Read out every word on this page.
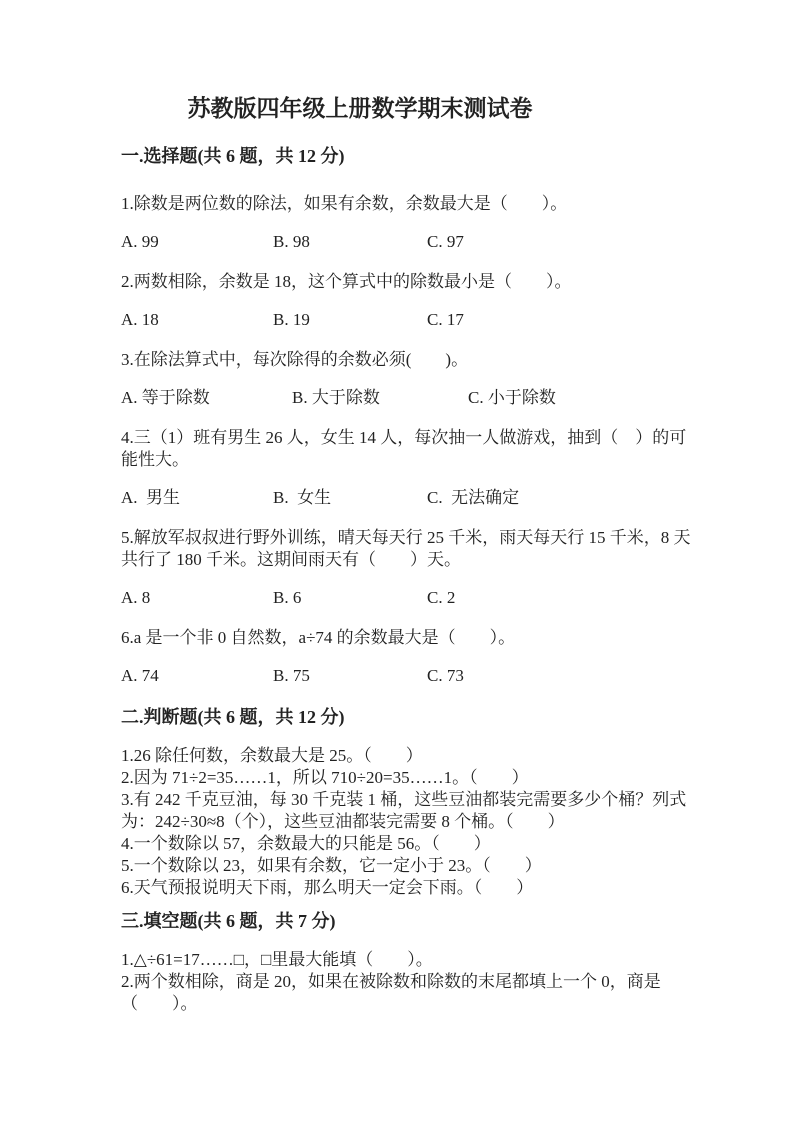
苏教版四年级上册数学期末测试卷
一.选择题(共 6 题，共 12 分)
1.除数是两位数的除法，如果有余数，余数最大是（　　）。
A. 99	B. 98	C. 97
2.两数相除，余数是 18，这个算式中的除数最小是（　　）。
A. 18	B. 19	C. 17
3.在除法算式中，每次除得的余数必须(　　)。
A. 等于除数	B. 大于除数	C. 小于除数
4.三（1）班有男生 26 人，女生 14 人，每次抽一人做游戏，抽到（　）的可
能性大。
A.  男生	B.  女生	C.  无法确定
5.解放军叔叔进行野外训练，晴天每天行 25 千米，雨天每天行 15 千米，8 天
共行了 180 千米。这期间雨天有（　　）天。
A. 8	B. 6	C. 2
6.a 是一个非 0 自然数，a÷74 的余数最大是（　　）。
A. 74	B. 75	C. 73
二.判断题(共 6 题，共 12 分)
1.26 除任何数，余数最大是 25。（　　）
2.因为 71÷2=35……1，所以 710÷20=35……1。（　　）
3.有 242 千克豆油，每 30 千克装 1 桶，这些豆油都装完需要多少个桶？列式
为：242÷30≈8（个），这些豆油都装完需要 8 个桶。（　　）
4.一个数除以 57，余数最大的只能是 56。（　　）
5.一个数除以 23，如果有余数，它一定小于 23。（　　）
6.天气预报说明天下雨，那么明天一定会下雨。（　　）
三.填空题(共 6 题，共 7 分)
1.△÷61=17……□，□里最大能填（　　）。
2.两个数相除，商是 20，如果在被除数和除数的末尾都填上一个 0，商是
（　　）。
